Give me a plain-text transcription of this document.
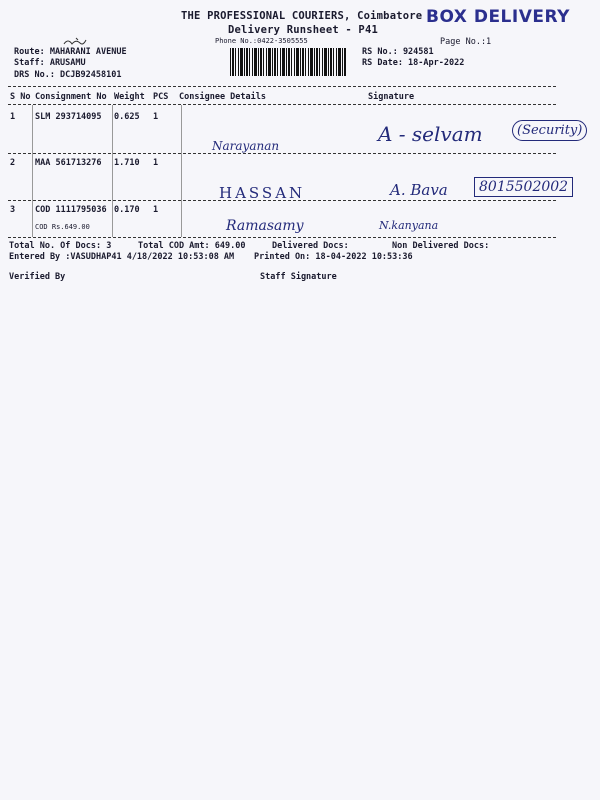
THE PROFESSIONAL COURIERS, Coimbatore BOX DELIVERY
Delivery Runsheet - P41
Phone No.:0422-3505555	Page No.:1
Route: MAHARANI AVENUE
Staff: ARUSAMU
DRS No.: DCJB92458101
RS No.: 924581
RS Date: 18-Apr-2022
S No Consignment No Weight PCS Consignee Details	Signature
1 SLM 293714095 0.625 1
Narayanan	A - selvam	(Security)
2 MAA 561713276 1.710 1
HASSAN	A. Bava	8015502002
3 COD 1111795036 0.170 1
COD Rs.649.00	Ramasamy	N.kanyana
Total No. Of Docs: 3	Total COD Amt: 649.00	Delivered Docs:	Non Delivered Docs:
Entered By :VASUDHAP41 4/18/2022 10:53:08 AM Printed On: 18-04-2022 10:53:36
Verified By	Staff Signature
